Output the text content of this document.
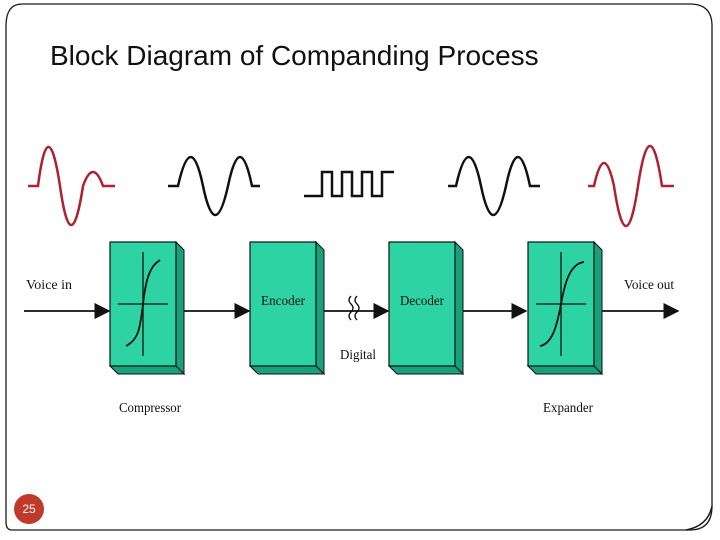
Encoder	Decoder
Voice in	Voice out
Digital
Compressor	Expander
Block Diagram of Companding Process
25
